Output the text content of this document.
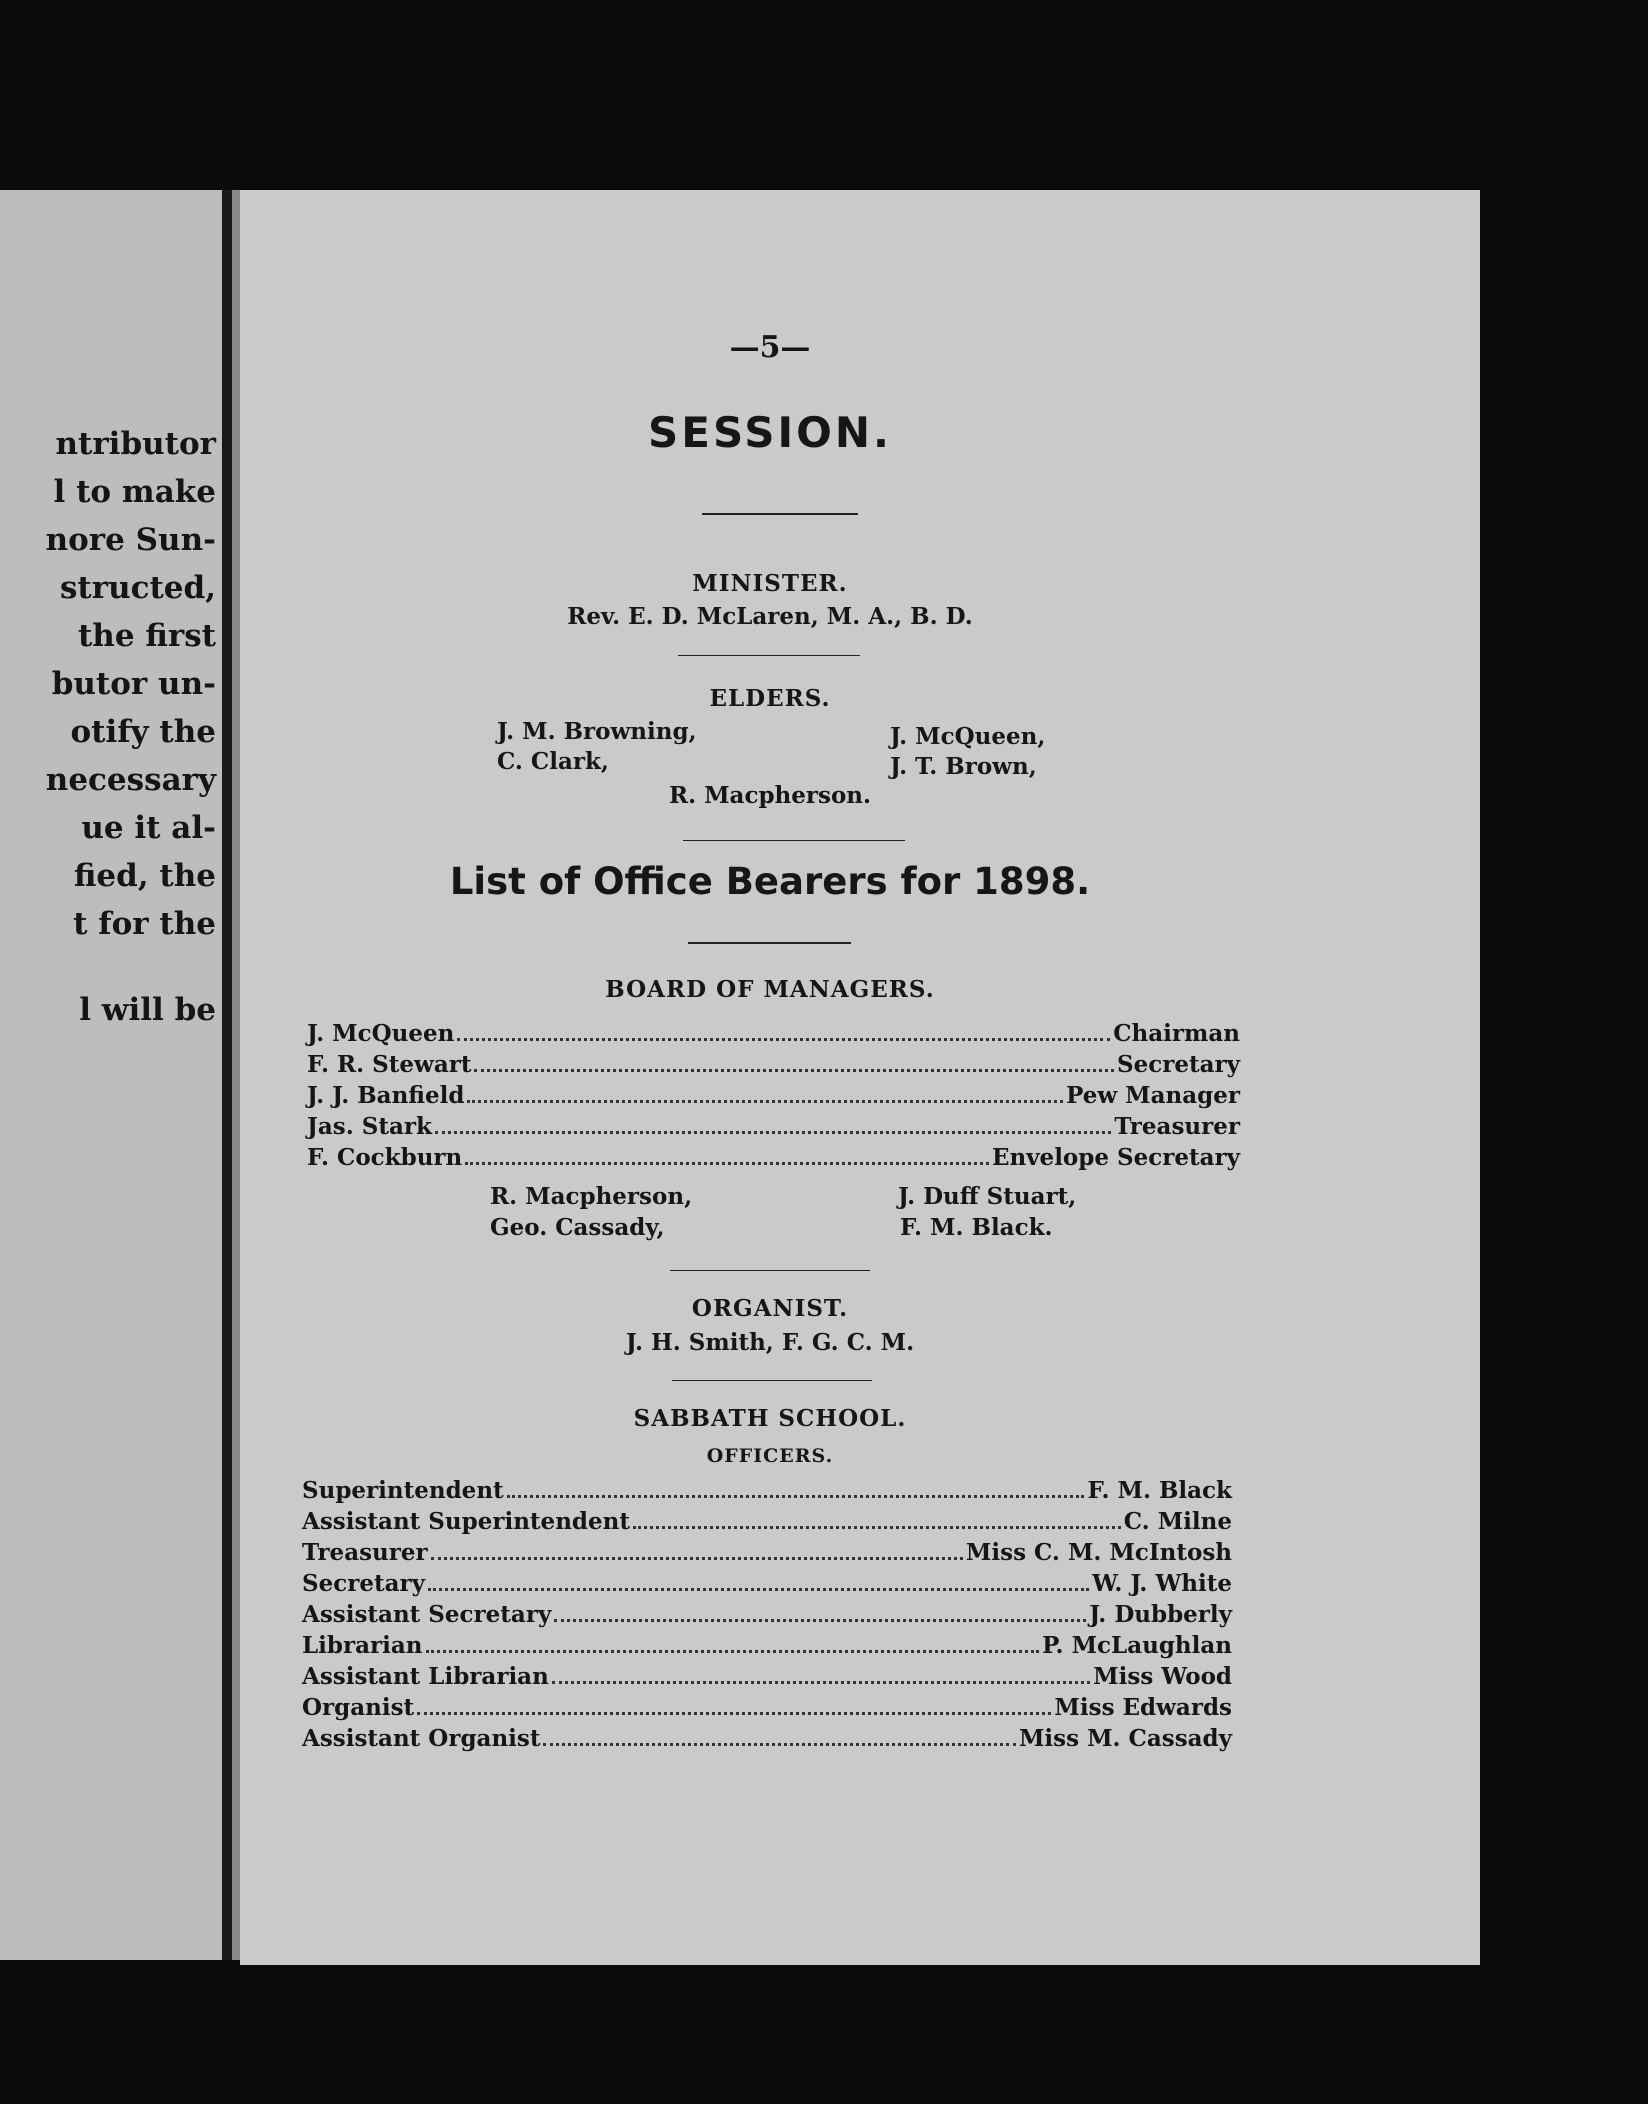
ntributor
l to make
nore Sun-
structed,
the first
butor un-
otify the
necessary
ue it al-
fied, the
t for the
l will be
—5—
SESSION.
MINISTER.
Rev. E. D. McLaren, M. A., B. D.
ELDERS.
J. M. Browning,	J. McQueen,
C. Clark,	J. T. Brown,
R. Macpherson.
List of Office Bearers for 1898.
BOARD OF MANAGERS.
J. McQueen	Chairman
F. R. Stewart	Secretary
J. J. Banfield	Pew Manager
Jas. Stark	Treasurer
F. Cockburn	Envelope Secretary
R. Macpherson,	J. Duff Stuart,
Geo. Cassady,	F. M. Black.
ORGANIST.
J. H. Smith, F. G. C. M.
SABBATH SCHOOL.
OFFICERS.
Superintendent	F. M. Black
Assistant Superintendent	C. Milne
Treasurer	Miss C. M. McIntosh
Secretary	W. J. White
Assistant Secretary	J. Dubberly
Librarian	P. McLaughlan
Assistant Librarian	Miss Wood
Organist	Miss Edwards
Assistant Organist	Miss M. Cassady
